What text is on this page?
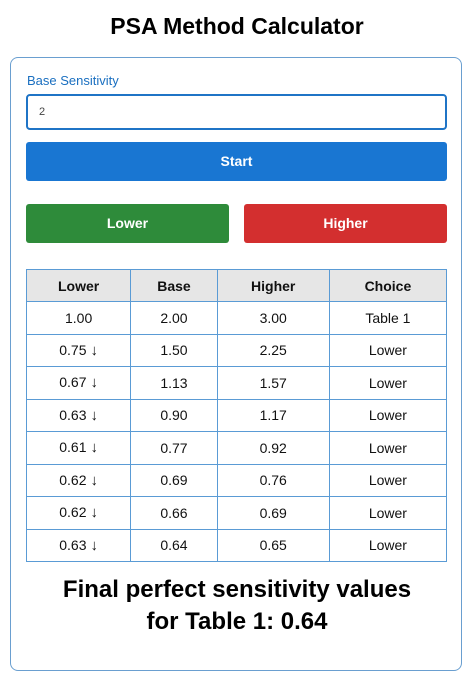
PSA Method Calculator
Base Sensitivity
2
Start
Lower	Higher
Lower	Base	Higher	Choice
1.00	2.00	3.00	Table 1
0.75 ↓	1.50	2.25	Lower
0.67 ↓	1.13	1.57	Lower
0.63 ↓	0.90	1.17	Lower
0.61 ↓	0.77	0.92	Lower
0.62 ↓	0.69	0.76	Lower
0.62 ↓	0.66	0.69	Lower
0.63 ↓	0.64	0.65	Lower
Final perfect sensitivity values
for Table 1: 0.64
